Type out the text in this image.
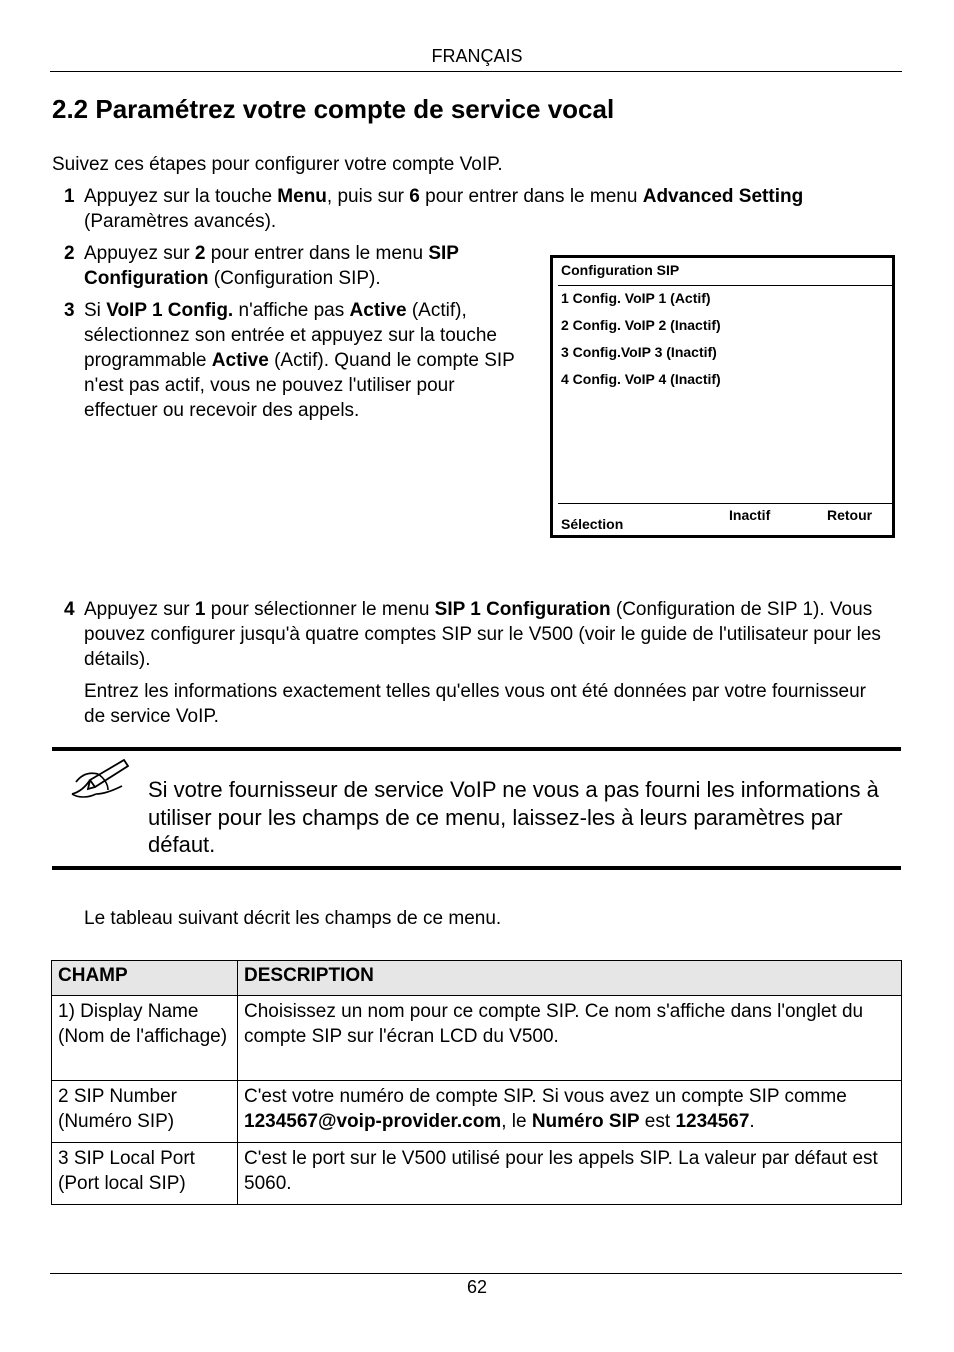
FRANÇAIS
2.2 Paramétrez votre compte de service vocal

Suivez ces étapes pour configurer votre compte VoIP.

1 Appuyez sur la touche Menu, puis sur 6 pour entrer dans le menu Advanced Setting (Paramètres avancés).

2 Appuyez sur 2 pour entrer dans le menu SIP Configuration (Configuration SIP).

3 Si VoIP 1 Config. n'affiche pas Active (Actif), sélectionnez son entrée et appuyez sur la touche programmable Active (Actif). Quand le compte SIP n'est pas actif, vous ne pouvez l'utiliser pour effectuer ou recevoir des appels.

Configuration SIP
1 Config. VoIP 1 (Actif)
2 Config. VoIP 2 (Inactif)
3 Config.VoIP 3 (Inactif)
4 Config. VoIP 4 (Inactif)
Sélection
Inactif	Retour
4 Appuyez sur 1 pour sélectionner le menu SIP 1 Configuration (Configuration de SIP 1). Vous pouvez configurer jusqu'à quatre comptes SIP sur le V500 (voir le guide de l'utilisateur pour les détails).

Entrez les informations exactement telles qu'elles vous ont été données par votre fournisseur de service VoIP.

Si votre fournisseur de service VoIP ne vous a pas fourni les informations à utiliser pour les champs de ce menu, laissez-les à leurs paramètres par défaut.

Le tableau suivant décrit les champs de ce menu.

CHAMP	DESCRIPTION
1) Display Name (Nom de l'affichage)	Choisissez un nom pour ce compte SIP. Ce nom s'affiche dans l'onglet du compte SIP sur l'écran LCD du V500.
2 SIP Number (Numéro SIP)	C'est votre numéro de compte SIP. Si vous avez un compte SIP comme 1234567@voip-provider.com, le Numéro SIP est 1234567.
3 SIP Local Port (Port local SIP)	C'est le port sur le V500 utilisé pour les appels SIP. La valeur par défaut est 5060.
62
